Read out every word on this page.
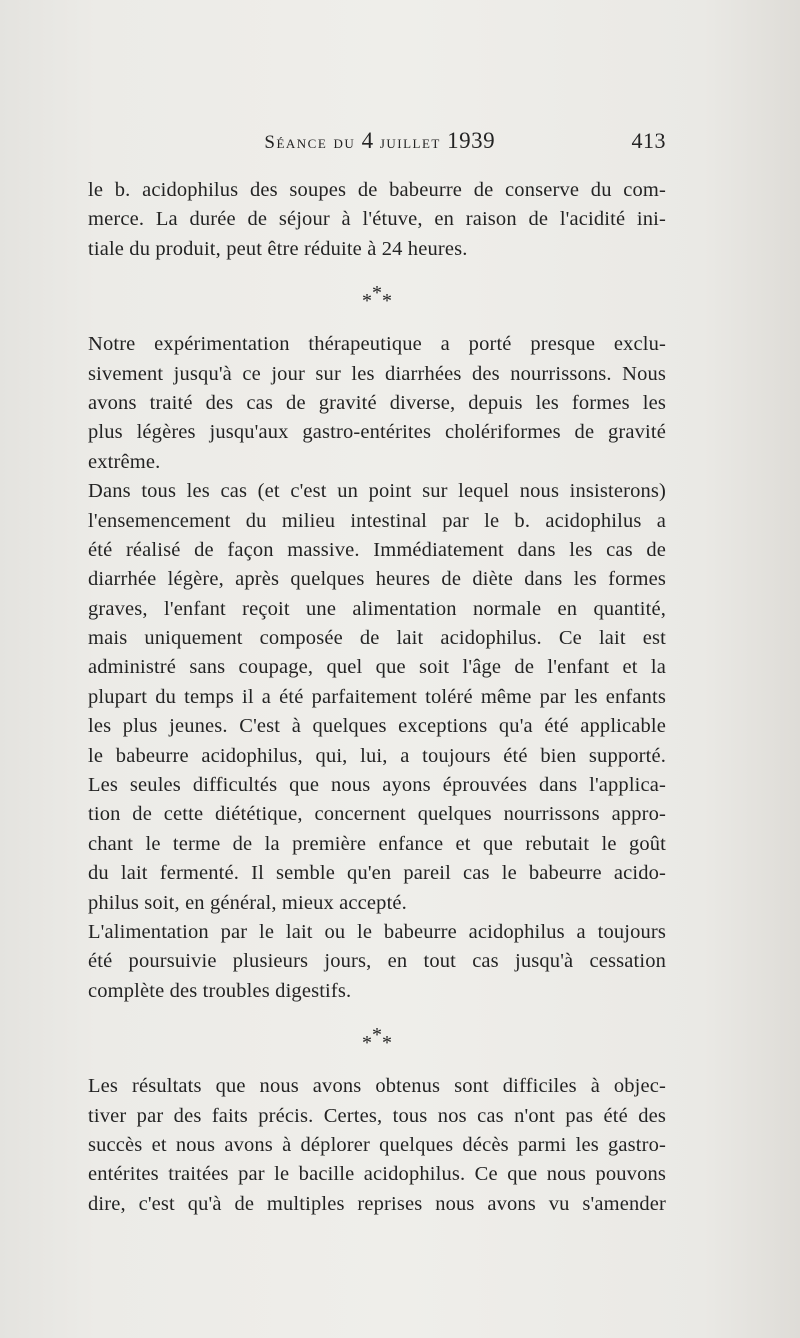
Séance du 4 juillet 1939	413
le b. acidophilus des soupes de babeurre de conserve du com-
merce. La durée de séjour à l'étuve, en raison de l'acidité ini-
tiale du produit, peut être réduite à 24 heures.
***
Notre expérimentation thérapeutique a porté presque exclu-
sivement jusqu'à ce jour sur les diarrhées des nourrissons. Nous
avons traité des cas de gravité diverse, depuis les formes les
plus légères jusqu'aux gastro-entérites cholériformes de gravité
extrême.
Dans tous les cas (et c'est un point sur lequel nous insisterons)
l'ensemencement du milieu intestinal par le b. acidophilus a
été réalisé de façon massive. Immédiatement dans les cas de
diarrhée légère, après quelques heures de diète dans les formes
graves, l'enfant reçoit une alimentation normale en quantité,
mais uniquement composée de lait acidophilus. Ce lait est
administré sans coupage, quel que soit l'âge de l'enfant et la
plupart du temps il a été parfaitement toléré même par les enfants
les plus jeunes. C'est à quelques exceptions qu'a été applicable
le babeurre acidophilus, qui, lui, a toujours été bien supporté.
Les seules difficultés que nous ayons éprouvées dans l'applica-
tion de cette diététique, concernent quelques nourrissons appro-
chant le terme de la première enfance et que rebutait le goût
du lait fermenté. Il semble qu'en pareil cas le babeurre acido-
philus soit, en général, mieux accepté.
L'alimentation par le lait ou le babeurre acidophilus a toujours
été poursuivie plusieurs jours, en tout cas jusqu'à cessation
complète des troubles digestifs.
***
Les résultats que nous avons obtenus sont difficiles à objec-
tiver par des faits précis. Certes, tous nos cas n'ont pas été des
succès et nous avons à déplorer quelques décès parmi les gastro-
entérites traitées par le bacille acidophilus. Ce que nous pouvons
dire, c'est qu'à de multiples reprises nous avons vu s'amender
